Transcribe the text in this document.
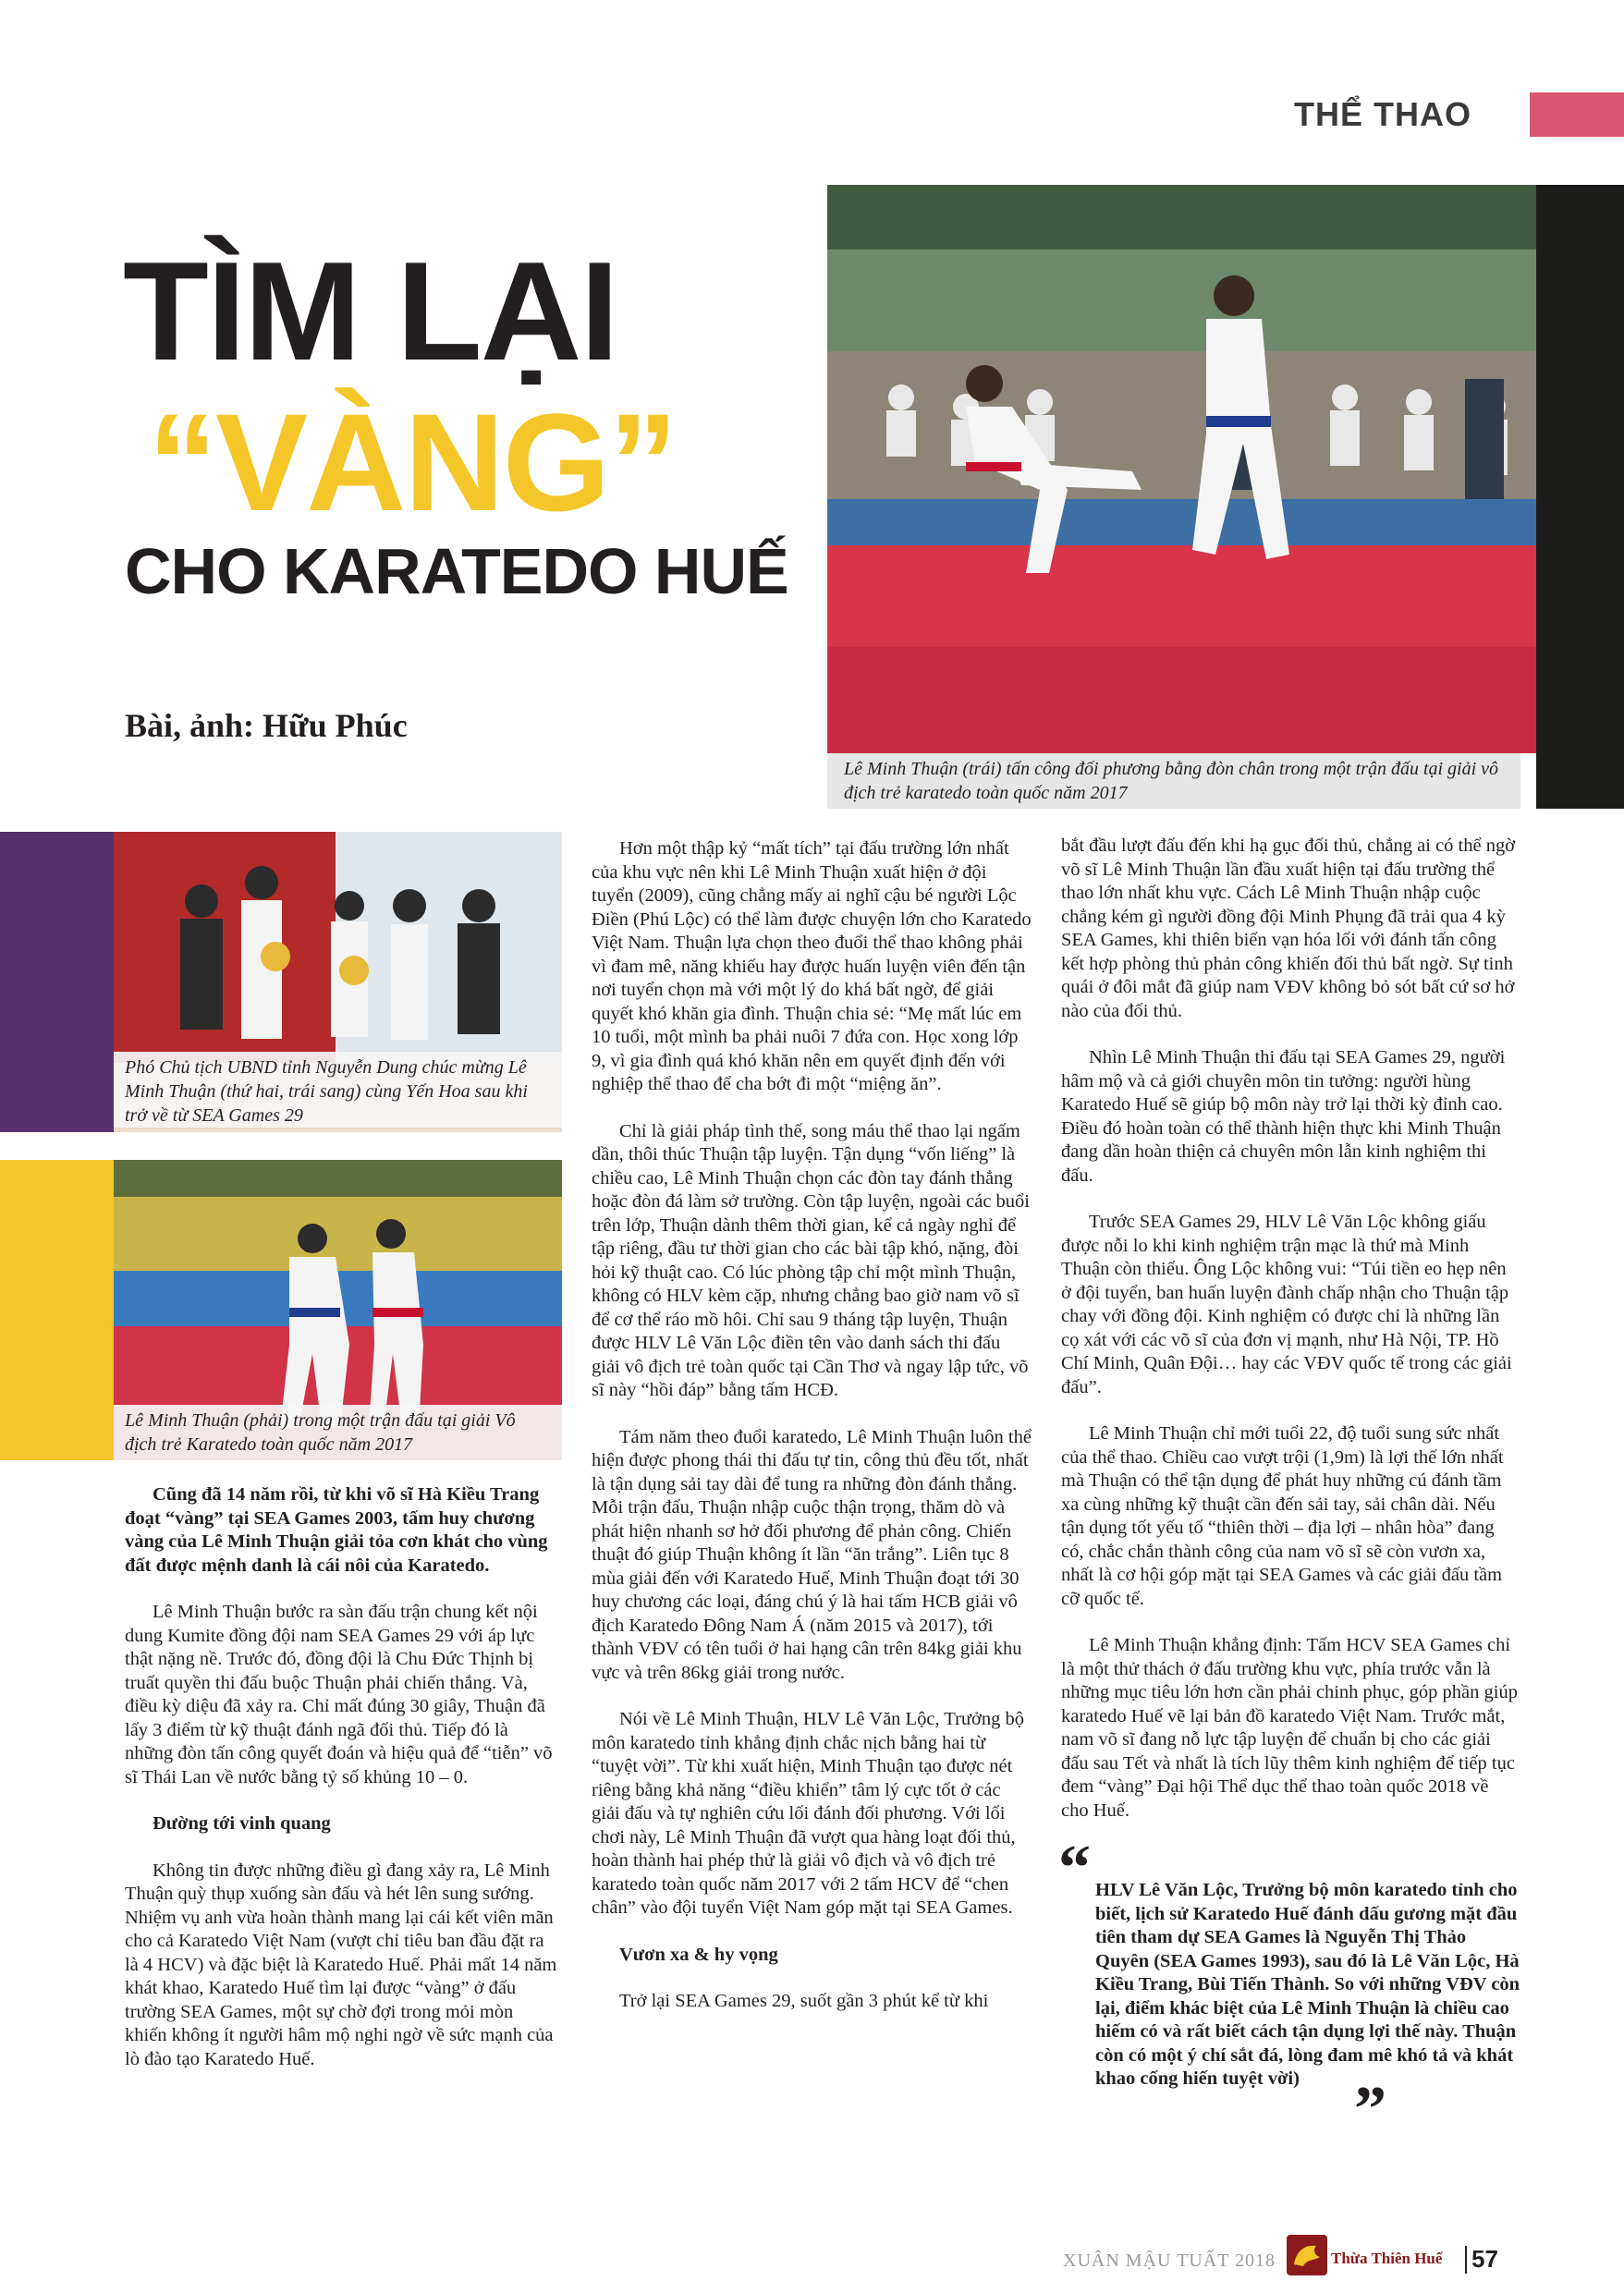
THỂ THAO
TÌM LẠI
“VÀNG”
CHO KARATEDO HUẾ
Bài, ảnh: Hữu Phúc
Lê Minh Thuận (trái) tấn công đối phương bằng đòn chân trong một trận đấu tại giải vô địch trẻ karatedo toàn quốc năm 2017
Phó Chủ tịch UBND tỉnh Nguyễn Dung chúc mừng Lê Minh Thuận (thứ hai, trái sang) cùng Yến Hoa sau khi trở về từ SEA Games 29
Lê Minh Thuận (phải) trong một trận đấu tại giải Vô địch trẻ Karatedo toàn quốc năm 2017

Cũng đã 14 năm rồi, từ khi võ sĩ Hà Kiều Trang đoạt “vàng” tại SEA Games 2003, tấm huy chương vàng của Lê Minh Thuận giải tỏa cơn khát cho vùng đất được mệnh danh là cái nôi của Karatedo.

Lê Minh Thuận bước ra sàn đấu trận chung kết nội dung Kumite đồng đội nam SEA Games 29 với áp lực thật nặng nề. Trước đó, đồng đội là Chu Đức Thịnh bị truất quyền thi đấu buộc Thuận phải chiến thắng. Và, điều kỳ diệu đã xảy ra. Chỉ mất đúng 30 giây, Thuận đã lấy 3 điểm từ kỹ thuật đánh ngã đối thủ. Tiếp đó là những đòn tấn công quyết đoán và hiệu quả để “tiễn” võ sĩ Thái Lan về nước bằng tỷ số khủng 10 – 0.

Đường tới vinh quang

Không tin được những điều gì đang xảy ra, Lê Minh Thuận quỳ thụp xuống sàn đấu và hét lên sung sướng. Nhiệm vụ anh vừa hoàn thành mang lại cái kết viên mãn cho cả Karatedo Việt Nam (vượt chỉ tiêu ban đầu đặt ra là 4 HCV) và đặc biệt là Karatedo Huế. Phải mất 14 năm khát khao, Karatedo Huế tìm lại được “vàng” ở đấu trường SEA Games, một sự chờ đợi trong mỏi mòn khiến không ít người hâm mộ nghi ngờ về sức mạnh của lò đào tạo Karatedo Huế.

Hơn một thập kỷ “mất tích” tại đấu trường lớn nhất của khu vực nên khi Lê Minh Thuận xuất hiện ở đội tuyển (2009), cũng chẳng mấy ai nghĩ cậu bé người Lộc Điền (Phú Lộc) có thể làm được chuyện lớn cho Karatedo Việt Nam. Thuận lựa chọn theo đuổi thể thao không phải vì đam mê, năng khiếu hay được huấn luyện viên đến tận nơi tuyển chọn mà với một lý do khá bất ngờ, để giải quyết khó khăn gia đình. Thuận chia sẻ: “Mẹ mất lúc em 10 tuổi, một mình ba phải nuôi 7 đứa con. Học xong lớp 9, vì gia đình quá khó khăn nên em quyết định đến với nghiệp thể thao để cha bớt đi một “miệng ăn”.

Chỉ là giải pháp tình thế, song máu thể thao lại ngấm dần, thôi thúc Thuận tập luyện. Tận dụng “vốn liếng” là chiều cao, Lê Minh Thuận chọn các đòn tay đánh thẳng hoặc đòn đá làm sở trường. Còn tập luyện, ngoài các buổi trên lớp, Thuận dành thêm thời gian, kể cả ngày nghỉ để tập riêng, đầu tư thời gian cho các bài tập khó, nặng, đòi hỏi kỹ thuật cao. Có lúc phòng tập chỉ một mình Thuận, không có HLV kèm cặp, nhưng chẳng bao giờ nam võ sĩ để cơ thể ráo mồ hôi. Chỉ sau 9 tháng tập luyện, Thuận được HLV Lê Văn Lộc điền tên vào danh sách thi đấu giải vô địch trẻ toàn quốc tại Cần Thơ và ngay lập tức, võ sĩ này “hồi đáp” bằng tấm HCĐ.

Tám năm theo đuổi karatedo, Lê Minh Thuận luôn thể hiện được phong thái thi đấu tự tin, công thủ đều tốt, nhất là tận dụng sải tay dài để tung ra những đòn đánh thẳng. Mỗi trận đấu, Thuận nhập cuộc thận trọng, thăm dò và phát hiện nhanh sơ hở đối phương để phản công. Chiến thuật đó giúp Thuận không ít lần “ăn trắng”. Liên tục 8 mùa giải đến với Karatedo Huế, Minh Thuận đoạt tới 30 huy chương các loại, đáng chú ý là hai tấm HCB giải vô địch Karatedo Đông Nam Á (năm 2015 và 2017), tới thành VĐV có tên tuổi ở hai hạng cân trên 84kg giải khu vực và trên 86kg giải trong nước.

Nói về Lê Minh Thuận, HLV Lê Văn Lộc, Trưởng bộ môn karatedo tỉnh khẳng định chắc nịch bằng hai từ “tuyệt vời”. Từ khi xuất hiện, Minh Thuận tạo được nét riêng bằng khả năng “điều khiển” tâm lý cực tốt ở các giải đấu và tự nghiên cứu lối đánh đối phương. Với lối chơi này, Lê Minh Thuận đã vượt qua hàng loạt đối thủ, hoàn thành hai phép thử là giải vô địch và vô địch trẻ karatedo toàn quốc năm 2017 với 2 tấm HCV để “chen chân” vào đội tuyển Việt Nam góp mặt tại SEA Games.

Vươn xa & hy vọng

Trở lại SEA Games 29, suốt gần 3 phút kể từ khi

bắt đầu lượt đấu đến khi hạ gục đối thủ, chẳng ai có thể ngờ võ sĩ Lê Minh Thuận lần đầu xuất hiện tại đấu trường thể thao lớn nhất khu vực. Cách Lê Minh Thuận nhập cuộc chẳng kém gì người đồng đội Minh Phụng đã trải qua 4 kỳ SEA Games, khi thiên biến vạn hóa lối với đánh tấn công kết hợp phòng thủ phản công khiến đối thủ bất ngờ. Sự tinh quái ở đôi mắt đã giúp nam VĐV không bỏ sót bất cứ sơ hở nào của đối thủ.

Nhìn Lê Minh Thuận thi đấu tại SEA Games 29, người hâm mộ và cả giới chuyên môn tin tưởng: người hùng Karatedo Huế sẽ giúp bộ môn này trở lại thời kỳ đỉnh cao. Điều đó hoàn toàn có thể thành hiện thực khi Minh Thuận đang dần hoàn thiện cả chuyên môn lẫn kinh nghiệm thi đấu.

Trước SEA Games 29, HLV Lê Văn Lộc không giấu được nỗi lo khi kinh nghiệm trận mạc là thứ mà Minh Thuận còn thiếu. Ông Lộc không vui: “Túi tiền eo hẹp nên ở đội tuyển, ban huấn luyện đành chấp nhận cho Thuận tập chay với đồng đội. Kinh nghiệm có được chỉ là những lần cọ xát với các võ sĩ của đơn vị mạnh, như Hà Nội, TP. Hồ Chí Minh, Quân Đội… hay các VĐV quốc tế trong các giải đấu”.

Lê Minh Thuận chỉ mới tuổi 22, độ tuổi sung sức nhất của thể thao. Chiều cao vượt trội (1,9m) là lợi thế lớn nhất mà Thuận có thể tận dụng để phát huy những cú đánh tầm xa cùng những kỹ thuật cần đến sải tay, sải chân dài. Nếu tận dụng tốt yếu tố “thiên thời – địa lợi – nhân hòa” đang có, chắc chắn thành công của nam võ sĩ sẽ còn vươn xa, nhất là cơ hội góp mặt tại SEA Games và các giải đấu tầm cỡ quốc tế.

Lê Minh Thuận khẳng định: Tấm HCV SEA Games chỉ là một thử thách ở đấu trường khu vực, phía trước vẫn là những mục tiêu lớn hơn cần phải chinh phục, góp phần giúp karatedo Huế vẽ lại bản đồ karatedo Việt Nam. Trước mắt, nam võ sĩ đang nỗ lực tập luyện để chuẩn bị cho các giải đấu sau Tết và nhất là tích lũy thêm kinh nghiệm để tiếp tục đem “vàng” Đại hội Thể dục thể thao toàn quốc 2018 về cho Huế.

“ HLV Lê Văn Lộc, Trưởng bộ môn karatedo tỉnh cho biết, lịch sử Karatedo Huế đánh dấu gương mặt đầu tiên tham dự SEA Games là Nguyễn Thị Thảo Quyên (SEA Games 1993), sau đó là Lê Văn Lộc, Hà Kiều Trang, Bùi Tiến Thành. So với những VĐV còn lại, điểm khác biệt của Lê Minh Thuận là chiều cao hiếm có và rất biết cách tận dụng lợi thế này. Thuận còn có một ý chí sắt đá, lòng đam mê khó tả và khát khao cống hiến tuyệt vời) ”
XUÂN MẬU TUẤT 2018	Thừa Thiên Huế	57
